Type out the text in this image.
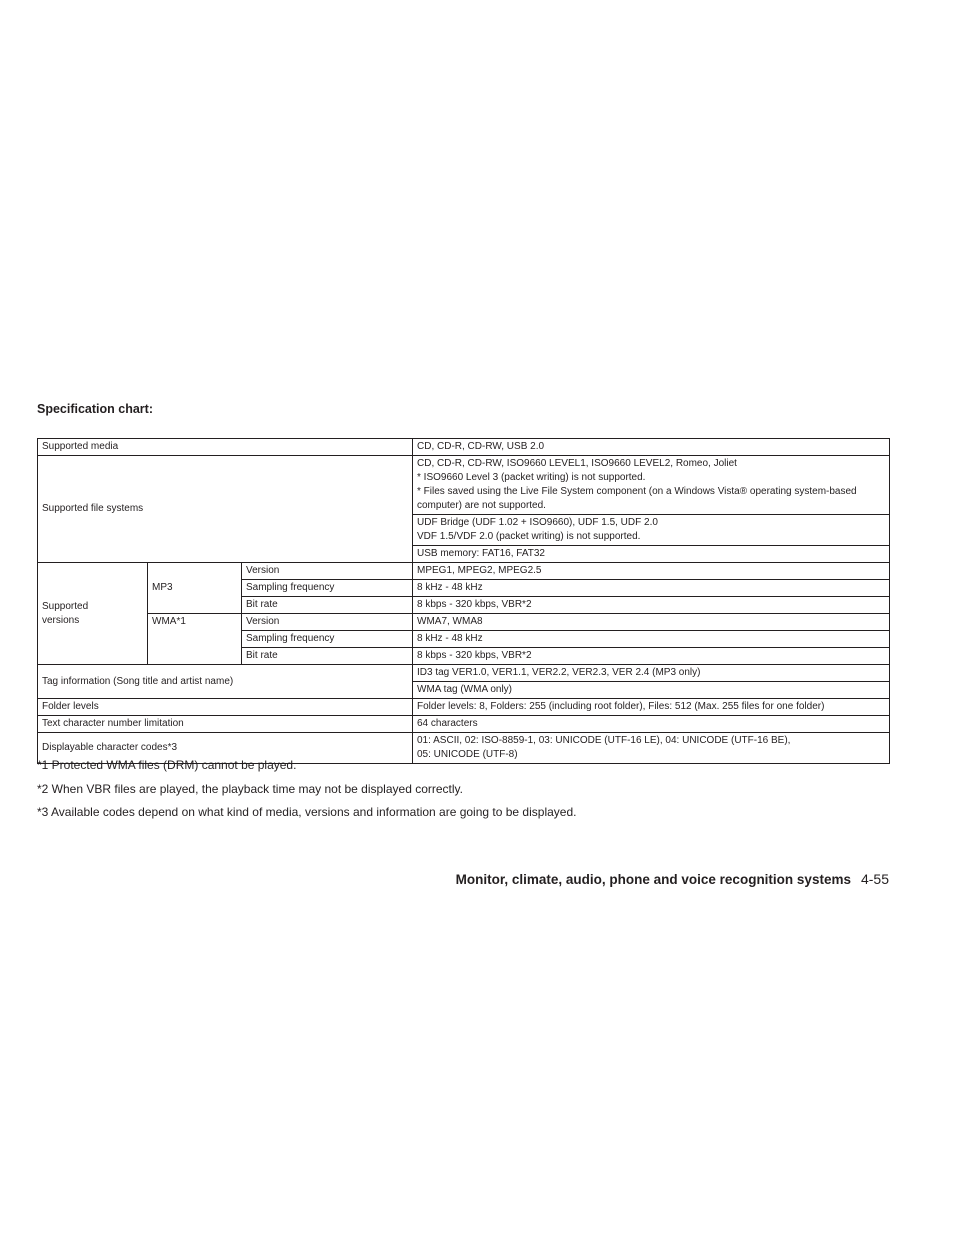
Specification chart:

Supported media			CD, CD-R, CD-RW, USB 2.0
Supported file systems			CD, CD-R, CD-RW, ISO9660 LEVEL1, ISO9660 LEVEL2, Romeo, Joliet
* ISO9660 Level 3 (packet writing) is not supported.
* Files saved using the Live File System component (on a Windows Vista® operating system-based computer) are not supported.
			UDF Bridge (UDF 1.02 + ISO9660), UDF 1.5, UDF 2.0
VDF 1.5/VDF 2.0 (packet writing) is not supported.
			USB memory: FAT16, FAT32
Supported
versions	MP3	Version	MPEG1, MPEG2, MPEG2.5
		Sampling frequency	8 kHz - 48 kHz
		Bit rate	8 kbps - 320 kbps, VBR*2
	WMA*1	Version	WMA7, WMA8
		Sampling frequency	8 kHz - 48 kHz
		Bit rate	8 kbps - 320 kbps, VBR*2
Tag information (Song title and artist name)			ID3 tag VER1.0, VER1.1, VER2.2, VER2.3, VER 2.4 (MP3 only)
			WMA tag (WMA only)
Folder levels			Folder levels: 8, Folders: 255 (including root folder), Files: 512 (Max. 255 files for one folder)
Text character number limitation			64 characters
Displayable character codes*3			01: ASCII, 02: ISO-8859-1, 03: UNICODE (UTF-16 LE), 04: UNICODE (UTF-16 BE),
05: UNICODE (UTF-8)
*1 Protected WMA files (DRM) cannot be played.
*2 When VBR files are played, the playback time may not be displayed correctly.
*3 Available codes depend on what kind of media, versions and information are going to be displayed.
Monitor, climate, audio, phone and voice recognition systems 4-55
